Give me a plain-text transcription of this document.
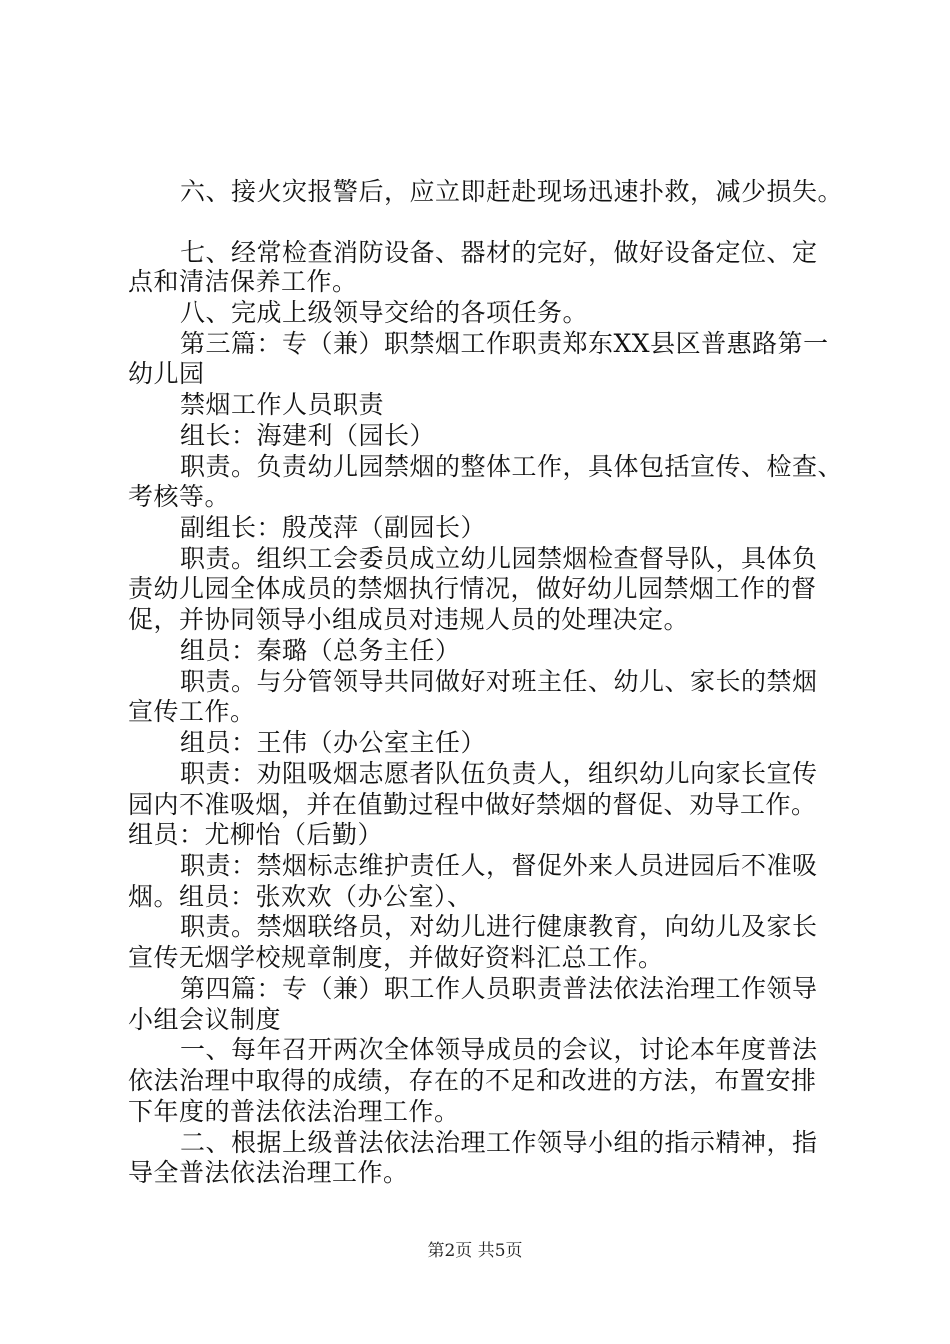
六、接火灾报警后，应立即赶赴现场迅速扑救，减少损失。
七、经常检查消防设备、器材的完好，做好设备定位、定
点和清洁保养工作。
八、完成上级领导交给的各项任务。
第三篇：专（兼）职禁烟工作职责郑东XX县区普惠路第一
幼儿园
禁烟工作人员职责
组长：海建利（园长）
职责。负责幼儿园禁烟的整体工作，具体包括宣传、检查、
考核等。
副组长：殷茂萍（副园长）
职责。组织工会委员成立幼儿园禁烟检查督导队，具体负
责幼儿园全体成员的禁烟执行情况，做好幼儿园禁烟工作的督
促，并协同领导小组成员对违规人员的处理决定。
组员：秦璐（总务主任）
职责。与分管领导共同做好对班主任、幼儿、家长的禁烟
宣传工作。
组员：王伟（办公室主任）
职责：劝阻吸烟志愿者队伍负责人，组织幼儿向家长宣传
园内不准吸烟，并在值勤过程中做好禁烟的督促、劝导工作。
组员：尤柳怡（后勤）
职责：禁烟标志维护责任人，督促外来人员进园后不准吸
烟。组员：张欢欢（办公室）、
职责。禁烟联络员，对幼儿进行健康教育，向幼儿及家长
宣传无烟学校规章制度，并做好资料汇总工作。
第四篇：专（兼）职工作人员职责普法依法治理工作领导
小组会议制度
一、每年召开两次全体领导成员的会议，讨论本年度普法
依法治理中取得的成绩，存在的不足和改进的方法，布置安排
下年度的普法依法治理工作。
二、根据上级普法依法治理工作领导小组的指示精神，指
导全普法依法治理工作。
第2页 共5页
